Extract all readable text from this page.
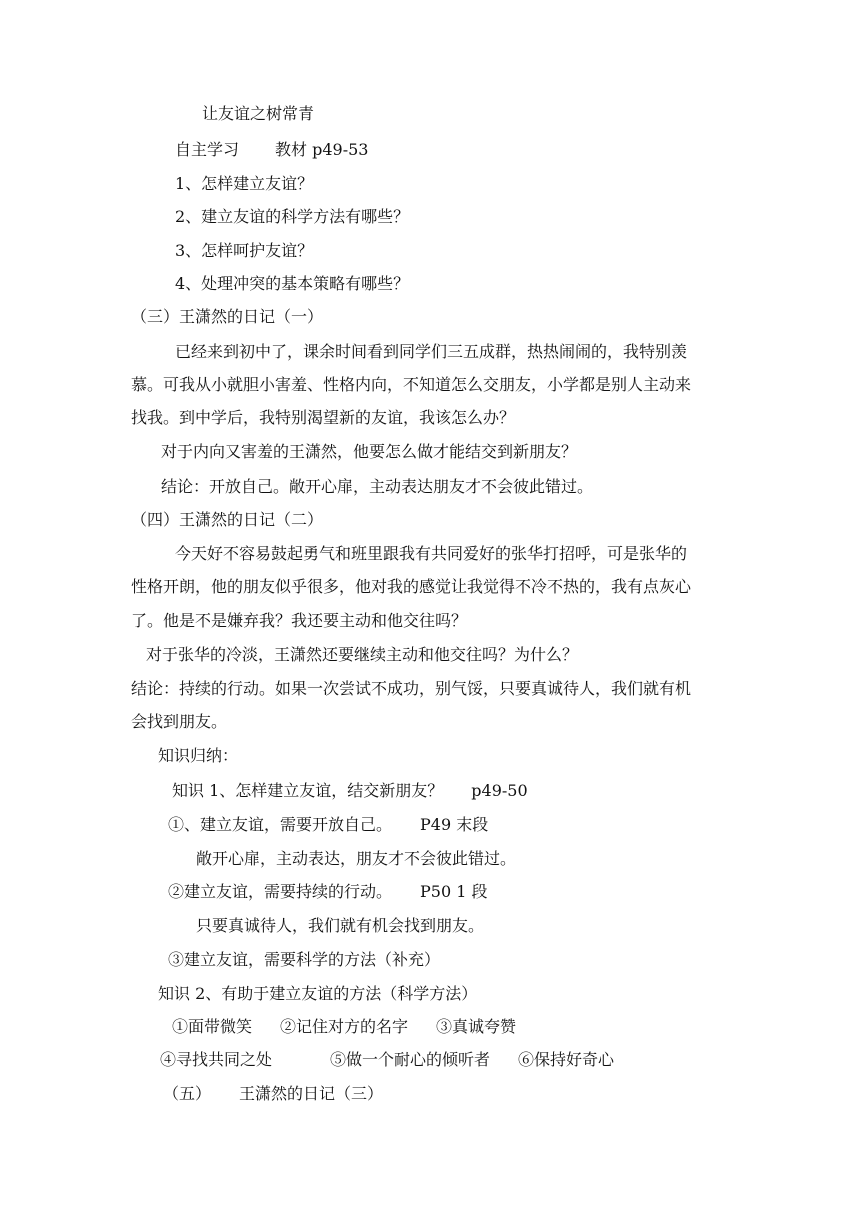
让友谊之树常青
自主学习 教材 p49-53
1、怎样建立友谊？
2、建立友谊的科学方法有哪些？
3、怎样呵护友谊？
4、处理冲突的基本策略有哪些？
（三）王潇然的日记（一）
已经来到初中了，课余时间看到同学们三五成群，热热闹闹的，我特别羡
慕。可我从小就胆小害羞、性格内向，不知道怎么交朋友，小学都是别人主动来
找我。到中学后，我特别渴望新的友谊，我该怎么办？
对于内向又害羞的王潇然，他要怎么做才能结交到新朋友？
结论：开放自己。敞开心扉，主动表达朋友才不会彼此错过。
（四）王潇然的日记（二）
今天好不容易鼓起勇气和班里跟我有共同爱好的张华打招呼，可是张华的
性格开朗，他的朋友似乎很多，他对我的感觉让我觉得不冷不热的，我有点灰心
了。他是不是嫌弃我？我还要主动和他交往吗？
对于张华的冷淡，王潇然还要继续主动和他交往吗？为什么？
结论：持续的行动。如果一次尝试不成功，别气馁，只要真诚待人，我们就有机
会找到朋友。
知识归纳：
知识 1、怎样建立友谊，结交新朋友？ p49-50
①、建立友谊，需要开放自己。 P49 末段
敞开心扉，主动表达，朋友才不会彼此错过。
②建立友谊，需要持续的行动。 P50 1 段
只要真诚待人，我们就有机会找到朋友。
③建立友谊，需要科学的方法（补充）
知识 2、有助于建立友谊的方法（科学方法）
①面带微笑 ②记住对方的名字 ③真诚夸赞
④寻找共同之处	⑤做一个耐心的倾听者 ⑥保持好奇心
（五） 王潇然的日记（三）
